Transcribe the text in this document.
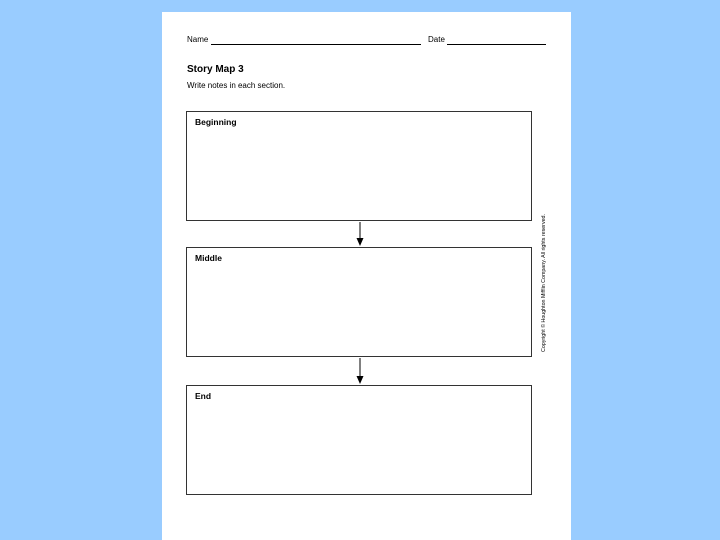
Name	Date
Story Map 3
Write notes in each section.
Beginning
Middle
End
Copyright © Houghton Mifflin Company. All rights reserved.
